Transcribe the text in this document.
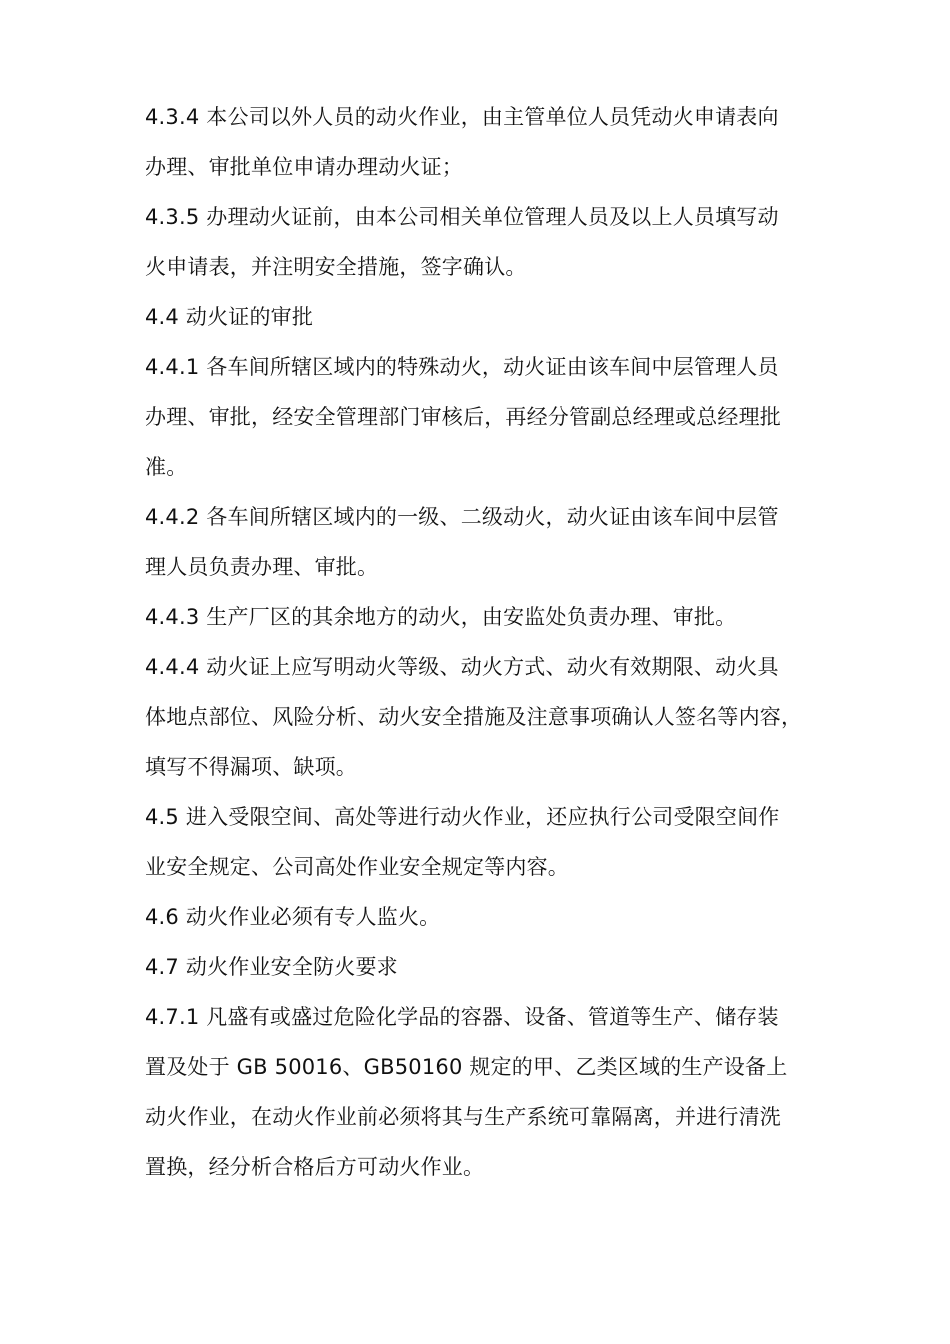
4.3.4 本公司以外人员的动火作业，由主管单位人员凭动火申请表向
办理、审批单位申请办理动火证；

4.3.5 办理动火证前，由本公司相关单位管理人员及以上人员填写动
火申请表，并注明安全措施，签字确认。

4.4 动火证的审批

4.4.1 各车间所辖区域内的特殊动火，动火证由该车间中层管理人员
办理、审批，经安全管理部门审核后，再经分管副总经理或总经理批
准。

4.4.2 各车间所辖区域内的一级、二级动火，动火证由该车间中层管
理人员负责办理、审批。

4.4.3 生产厂区的其余地方的动火，由安监处负责办理、审批。

4.4.4 动火证上应写明动火等级、动火方式、动火有效期限、动火具
体地点部位、风险分析、动火安全措施及注意事项确认人签名等内容，
填写不得漏项、缺项。

4.5 进入受限空间、高处等进行动火作业，还应执行公司受限空间作
业安全规定、公司高处作业安全规定等内容。

4.6 动火作业必须有专人监火。

4.7 动火作业安全防火要求

4.7.1 凡盛有或盛过危险化学品的容器、设备、管道等生产、储存装
置及处于 GB 50016、GB50160 规定的甲、乙类区域的生产设备上
动火作业，在动火作业前必须将其与生产系统可靠隔离，并进行清洗
置换，经分析合格后方可动火作业。
